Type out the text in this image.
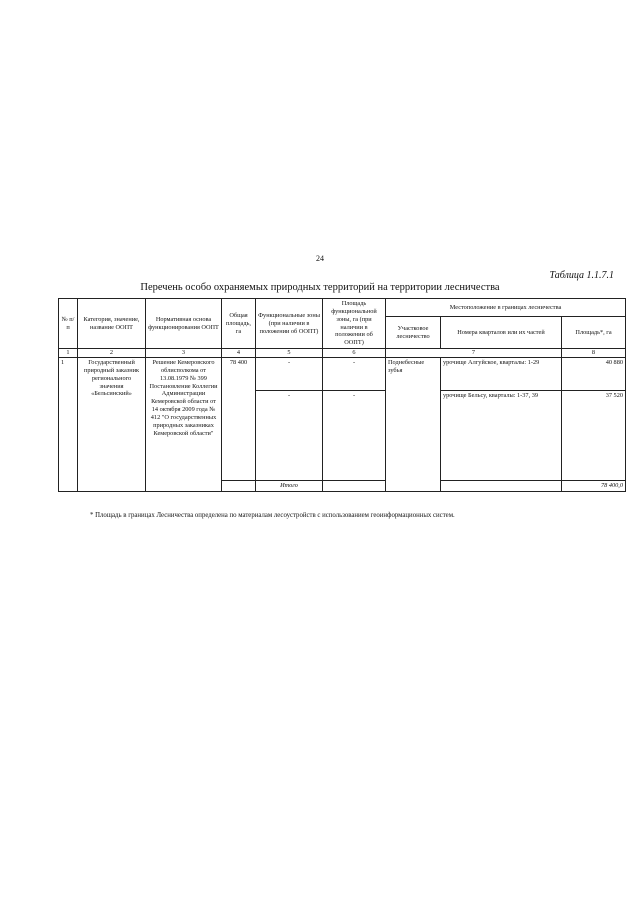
24
Таблица 1.1.7.1
Перечень особо охраняемых природных территорий на территории лесничества
№ п/п	Категория, значение, название ООПТ	Нормативная основа функционирования ООПТ	Общая площадь, га	Функциональные зоны (при наличии в положении об ООПТ)	Площадь функциональной зоны, га (при наличии в положении об ООПТ)	Местоположение в границах лесничества		
						Участковое лесничество	Номера кварталов или их частей	Площадь*, га
1	2	3	4	5	6	7		8
1	Государственный природный заказник регионального значения «Бельсинский»	Решение Кемеровского облисполкома от 13.08.1979 № 399
Постановление Коллегии Администрации Кемеровской области от 14 октября 2009 года № 412 "О государственных природных заказниках Кемеровской области"	78 400	-	-	Поднебесные зубья	урочище Алгуйское, кварталы: 1-29	40 880
				-	-		урочище Бельсу, кварталы: 1-37, 39	37 520
				Итого				78 400,0
* Площадь в границах Лесничества определена по материалам лесоустройств с использованием геоинформационных систем.
